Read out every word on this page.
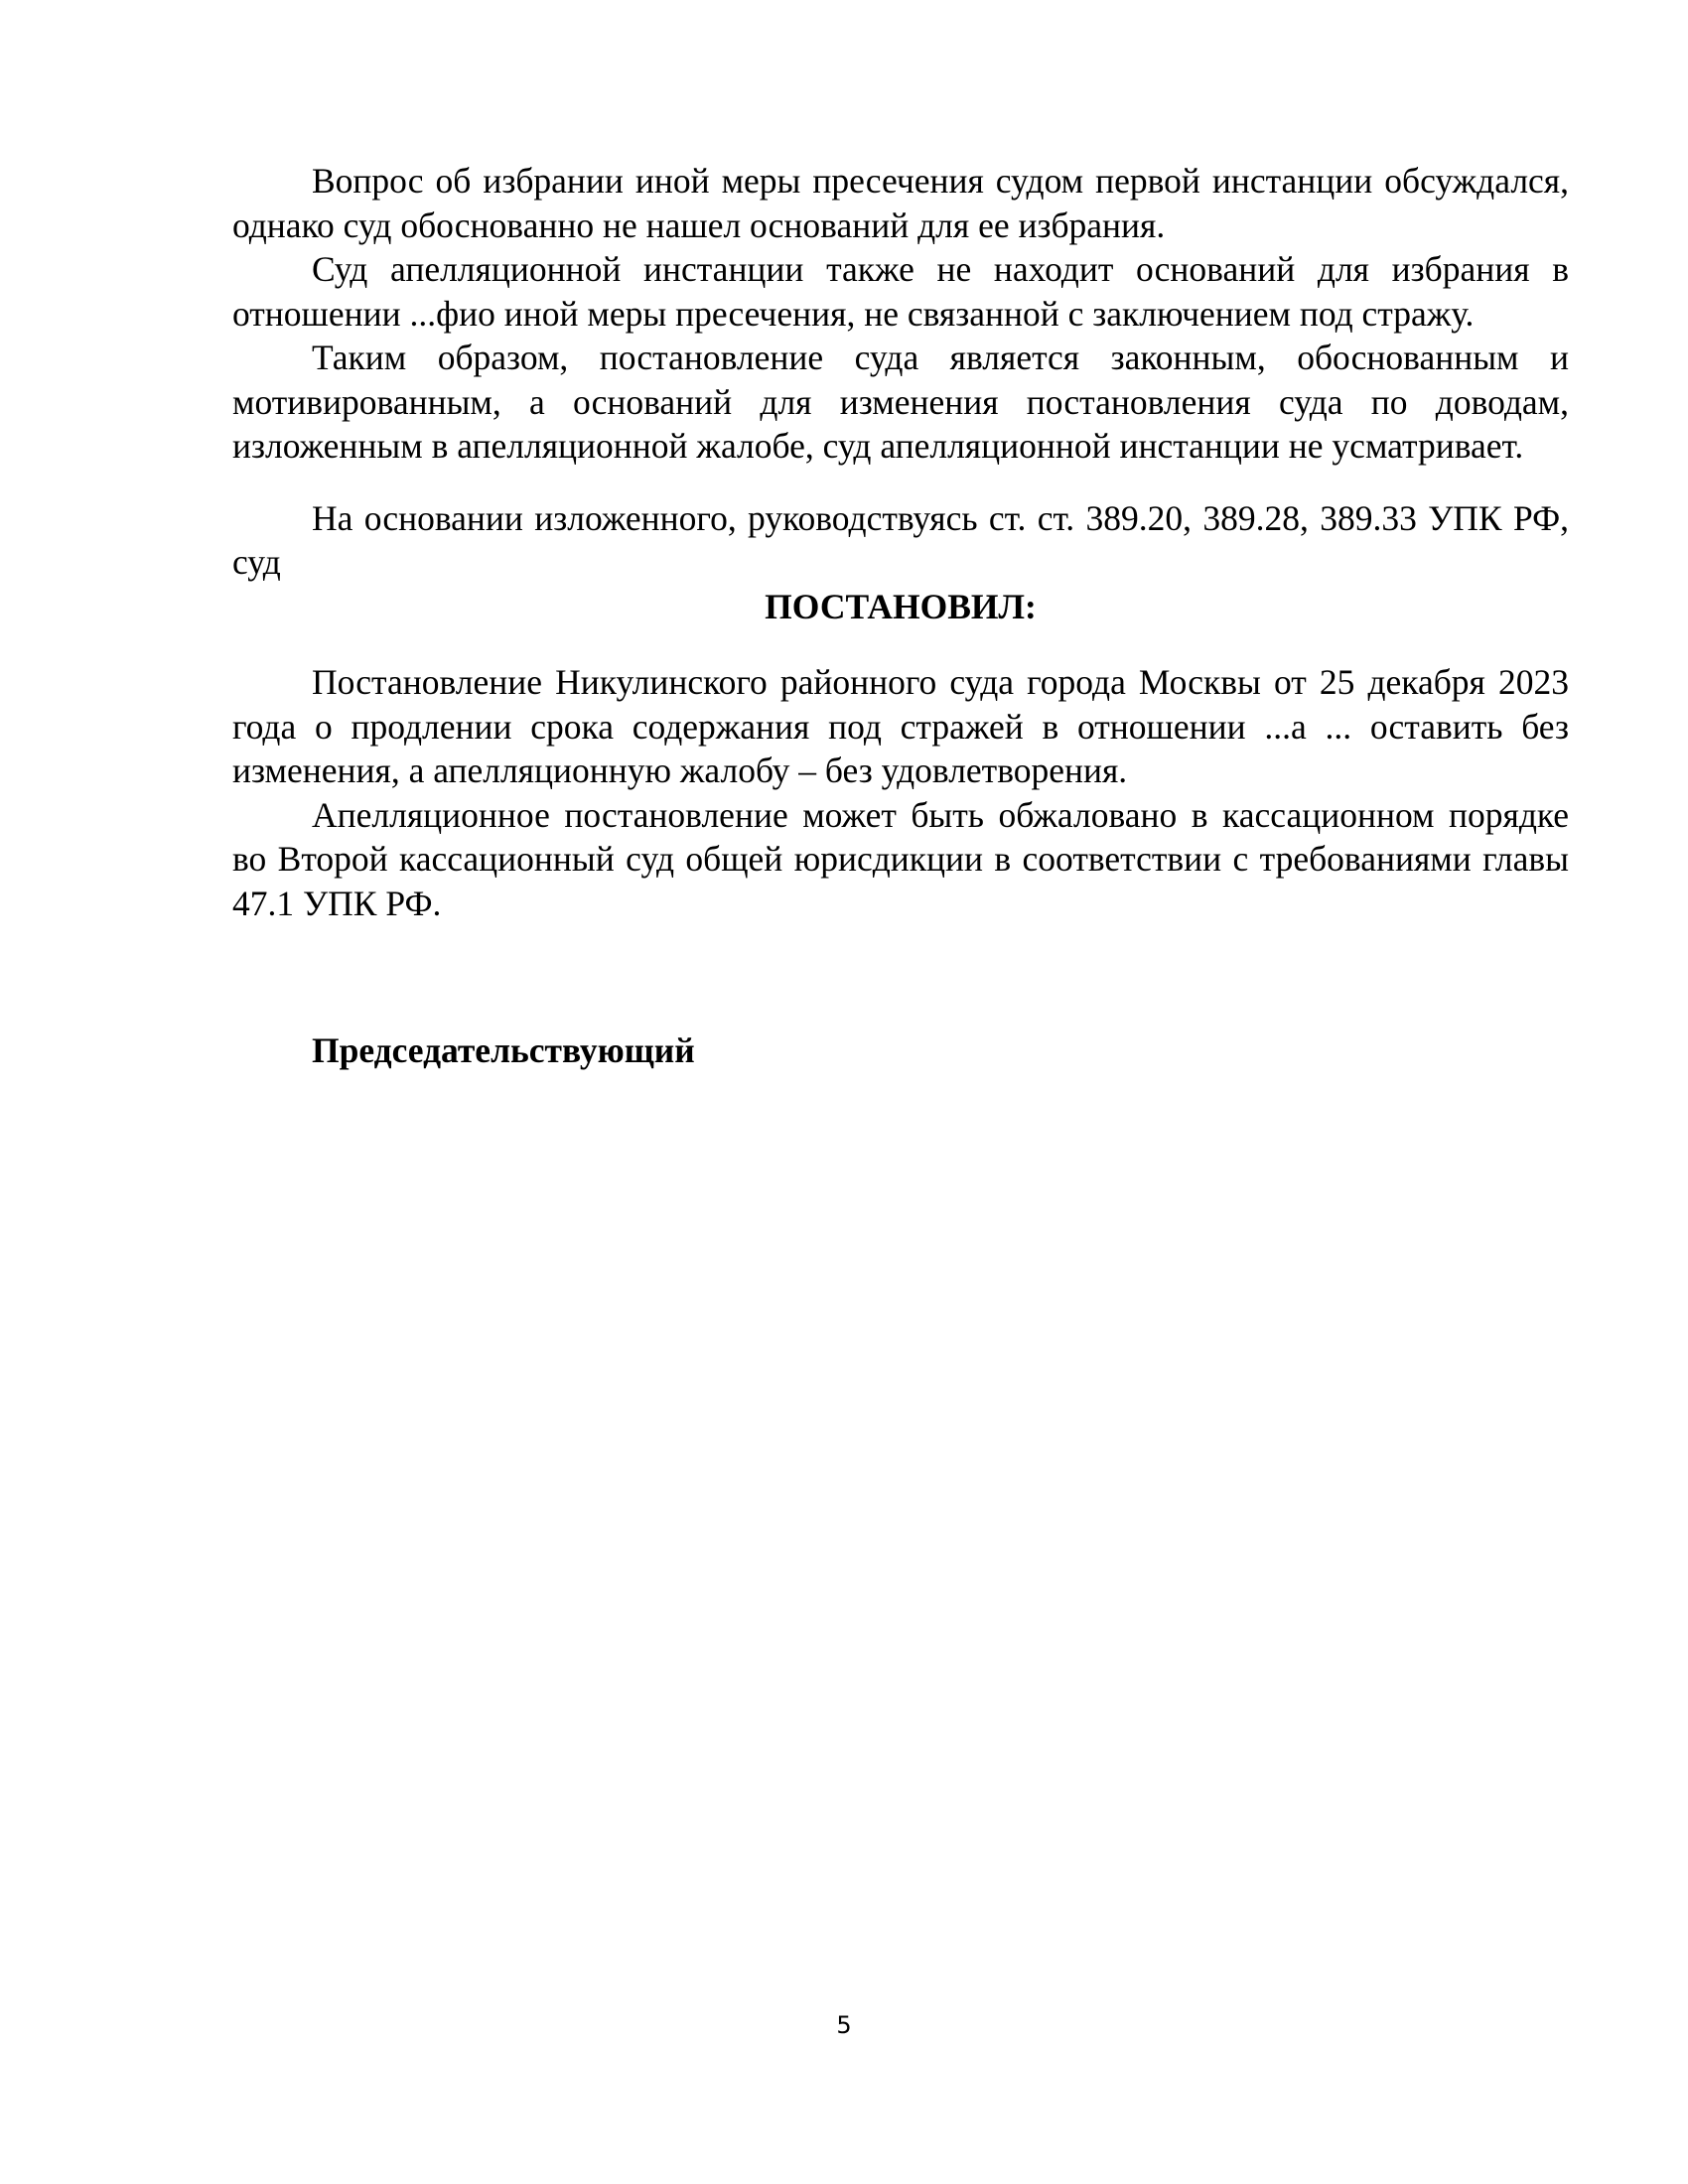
Вопрос об избрании иной меры пресечения судом первой инстанции обсуждался, однако суд обоснованно не нашел оснований для ее избрания.

Суд апелляционной инстанции также не находит оснований для избрания в отношении ...фио иной меры пресечения, не связанной с заключением под стражу.

Таким образом, постановление суда является законным, обоснованным и мотивированным, а оснований для изменения постановления суда по доводам, изложенным в апелляционной жалобе, суд апелляционной инстанции не усматривает.

На основании изложенного, руководствуясь ст. ст. 389.20, 389.28, 389.33 УПК РФ, суд

ПОСТАНОВИЛ:

Постановление Никулинского районного суда города Москвы от 25 декабря 2023 года о продлении срока содержания под стражей в отношении ...а ... оставить без изменения, а апелляционную жалобу – без удовлетворения.

Апелляционное постановление может быть обжаловано в кассационном порядке во Второй кассационный суд общей юрисдикции в соответствии с требованиями главы 47.1 УПК РФ.

Председательствующий

5
